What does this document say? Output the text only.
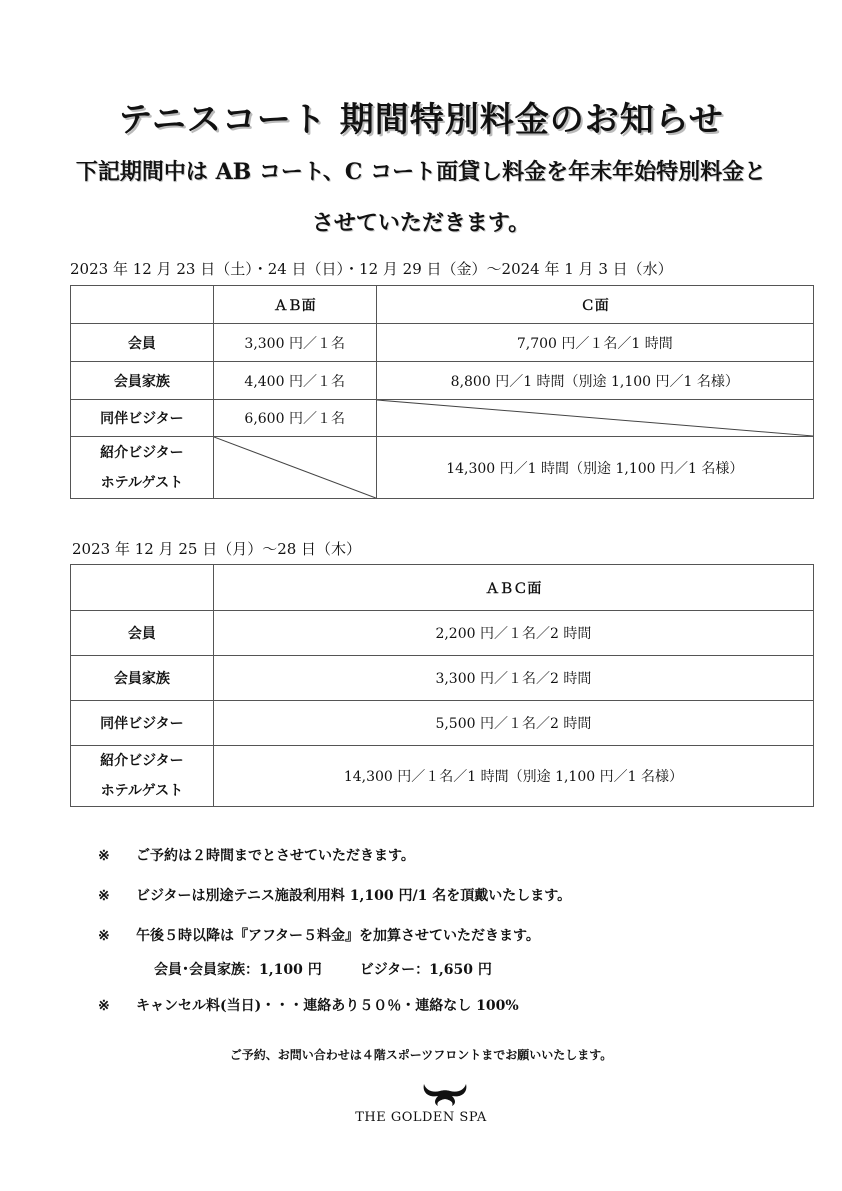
テニスコート 期間特別料金のお知らせ
下記期間中は AB コート、C コート面貸し料金を年末年始特別料金と
させていただきます。
2023 年 12 月 23 日（土）・24 日（日）・12 月 29 日（金）～2024 年 1 月 3 日（水）
	ＡＢ面	Ｃ面
会員	3,300 円／１名	7,700 円／１名／1 時間
会員家族	4,400 円／１名	8,800 円／1 時間（別途 1,100 円／1 名様）
同伴ビジター	6,600 円／１名	

紹介ビジター
ホテルゲスト		14,300 円／1 時間（別途 1,100 円／1 名様）
2023 年 12 月 25 日（月）～28 日（木）
	ＡＢＣ面
会員	2,200 円／１名／2 時間
会員家族	3,300 円／１名／2 時間
同伴ビジター	5,500 円／１名／2 時間

紹介ビジター
ホテルゲスト	14,300 円／１名／1 時間（別途 1,100 円／1 名様）
※ ご予約は２時間までとさせていただきます。
※ ビジターは別途テニス施設利用料 1,100 円/1 名を頂戴いたします。
※ 午後５時以降は『アフター５料金』を加算させていただきます。
会員･会員家族：1,100 円	ビジター：1,650 円
※ キャンセル料(当日)・・・連絡あり５０％・連絡なし 100%
ご予約、お問い合わせは４階スポーツフロントまでお願いいたします。
THE GOLDEN SPA
